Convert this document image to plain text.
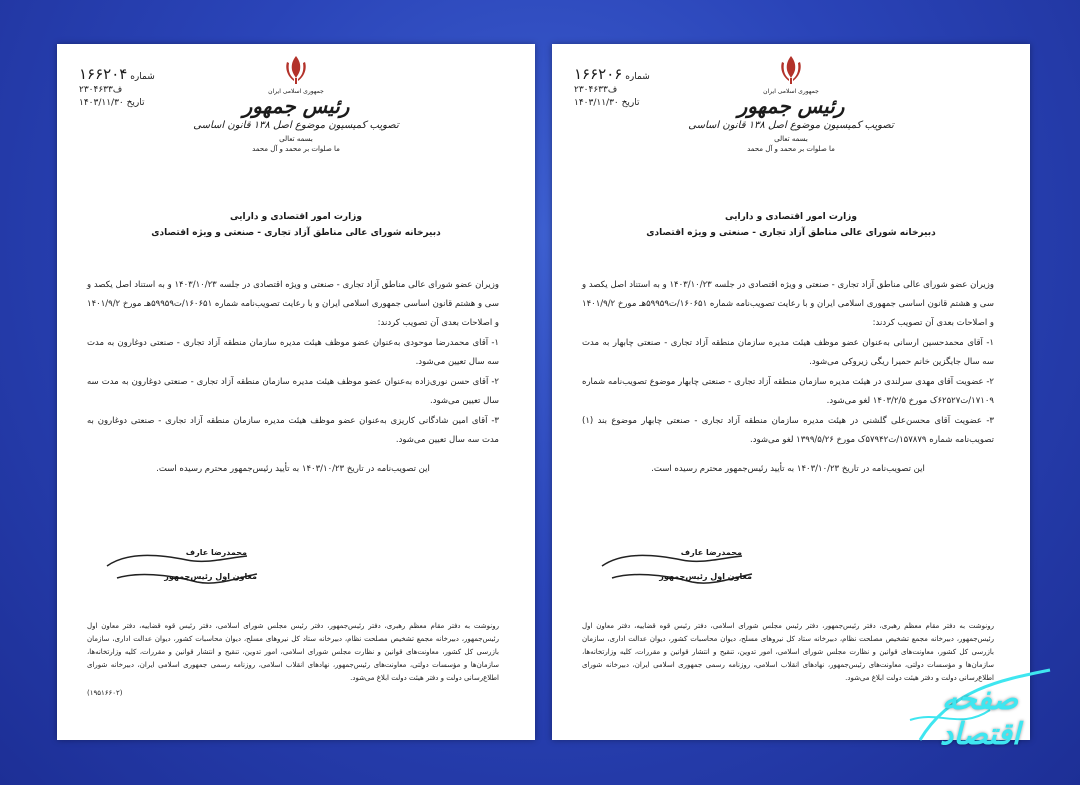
شماره ۱۶۶۲۰۴
۲۳۰۴۶۳۳ف
تاریخ ۱۴۰۳/۱۱/۳۰
جمهوری اسلامی ایران
رئیس جمهور
تصویب کمیسیون موضوع اصل ۱۳۸ قانون اساسی
بسمه تعالی
ما صلوات بر محمد و آل محمد
وزارت امور اقتصادی و دارایی
دبیرخانه شورای عالی مناطق آزاد تجاری - صنعتی و ویژه اقتصادی

وزیران عضو شورای عالی مناطق آزاد تجاری - صنعتی و ویژه اقتصادی در جلسه ۱۴۰۳/۱۰/۲۳ و به استناد اصل یکصد و سی و هشتم قانون اساسی جمهوری اسلامی ایران و با رعایت تصویب‌نامه شماره ۱۶۰۶۵۱/ت۵۹۹۵۹هـ مورخ ۱۴۰۱/۹/۲ و اصلاحات بعدی آن تصویب کردند:

۱- آقای محمدرضا موحودی به‌عنوان عضو موظف هیئت مدیره سازمان منطقه آزاد تجاری - صنعتی دوغارون به مدت سه سال تعیین می‌شود.

۲- آقای حسن نوری‌زاده به‌عنوان عضو موظف هیئت مدیره سازمان منطقه آزاد تجاری - صنعتی دوغارون به مدت سه سال تعیین می‌شود.

۳- آقای امین شادگانی کاریزی به‌عنوان عضو موظف هیئت مدیره سازمان منطقه آزاد تجاری - صنعتی دوغارون به مدت سه سال تعیین می‌شود.

این تصویب‌نامه در تاریخ ۱۴۰۳/۱۰/۲۳ به تأیید رئیس‌جمهور محترم رسیده است.

محمدرضا عارف
معاون اول رئیس‌جمهور

رونوشت به دفتر مقام معظم رهبری، دفتر رئیس‌جمهور، دفتر رئیس مجلس شورای اسلامی، دفتر رئیس قوه قضاییه، دفتر معاون اول رئیس‌جمهور، دبیرخانه مجمع تشخیص مصلحت نظام، دبیرخانه ستاد کل نیروهای مسلح، دیوان محاسبات کشور، دیوان عدالت اداری، سازمان بازرسی کل کشور، معاونت‌های قوانین و نظارت مجلس شورای اسلامی، امور تدوین، تنقیح و انتشار قوانین و مقررات، کلیه وزارتخانه‌ها، سازمان‌ها و مؤسسات دولتی، معاونت‌های رئیس‌جمهور، نهادهای انقلاب اسلامی، روزنامه رسمی جمهوری اسلامی ایران، دبیرخانه شورای اطلاع‌رسانی دولت و دفتر هیئت دولت ابلاغ می‌شود.

(۱۹۵۱۶۶۰۲)

شماره ۱۶۶۲۰۶
۲۳۰۴۶۳۳ف
تاریخ ۱۴۰۳/۱۱/۳۰
جمهوری اسلامی ایران
رئیس جمهور
تصویب کمیسیون موضوع اصل ۱۳۸ قانون اساسی
بسمه تعالی
ما صلوات بر محمد و آل محمد
وزارت امور اقتصادی و دارایی
دبیرخانه شورای عالی مناطق آزاد تجاری - صنعتی و ویژه اقتصادی

وزیران عضو شورای عالی مناطق آزاد تجاری - صنعتی و ویژه اقتصادی در جلسه ۱۴۰۳/۱۰/۲۳ و به استناد اصل یکصد و سی و هشتم قانون اساسی جمهوری اسلامی ایران و با رعایت تصویب‌نامه شماره ۱۶۰۶۵۱/ت۵۹۹۵۹هـ مورخ ۱۴۰۱/۹/۲ و اصلاحات بعدی آن تصویب کردند:

۱- آقای محمدحسین ارسانی به‌عنوان عضو موظف هیئت مدیره سازمان منطقه آزاد تجاری - صنعتی چابهار به مدت سه سال جایگزین خانم حمیرا ریگی زیروکی می‌شود.

۲- عضویت آقای مهدی سرلندی در هیئت مدیره سازمان منطقه آزاد تجاری - صنعتی چابهار موضوع تصویب‌نامه شماره ۱۷۱۰۹/ت۶۲۵۲۷ک مورخ ۱۴۰۳/۲/۵ لغو می‌شود.

۳- عضویت آقای محسن‌علی گلشنی در هیئت مدیره سازمان منطقه آزاد تجاری - صنعتی چابهار موضوع بند (۱) تصویب‌نامه شماره ۱۵۷۸۷۹/ت۵۷۹۴۲ک مورخ ۱۳۹۹/۵/۲۶ لغو می‌شود.

این تصویب‌نامه در تاریخ ۱۴۰۳/۱۰/۲۳ به تأیید رئیس‌جمهور محترم رسیده است.

محمدرضا عارف
معاون اول رئیس‌جمهور

رونوشت به دفتر مقام معظم رهبری، دفتر رئیس‌جمهور، دفتر رئیس مجلس شورای اسلامی، دفتر رئیس قوه قضاییه، دفتر معاون اول رئیس‌جمهور، دبیرخانه مجمع تشخیص مصلحت نظام، دبیرخانه ستاد کل نیروهای مسلح، دیوان محاسبات کشور، دیوان عدالت اداری، سازمان بازرسی کل کشور، معاونت‌های قوانین و نظارت مجلس شورای اسلامی، امور تدوین، تنقیح و انتشار قوانین و مقررات، کلیه وزارتخانه‌ها، سازمان‌ها و مؤسسات دولتی، معاونت‌های رئیس‌جمهور، نهادهای انقلاب اسلامی، روزنامه رسمی جمهوری اسلامی ایران، دبیرخانه شورای اطلاع‌رسانی دولت و دفتر هیئت دولت ابلاغ می‌شود.

صفحه اقتصاد
